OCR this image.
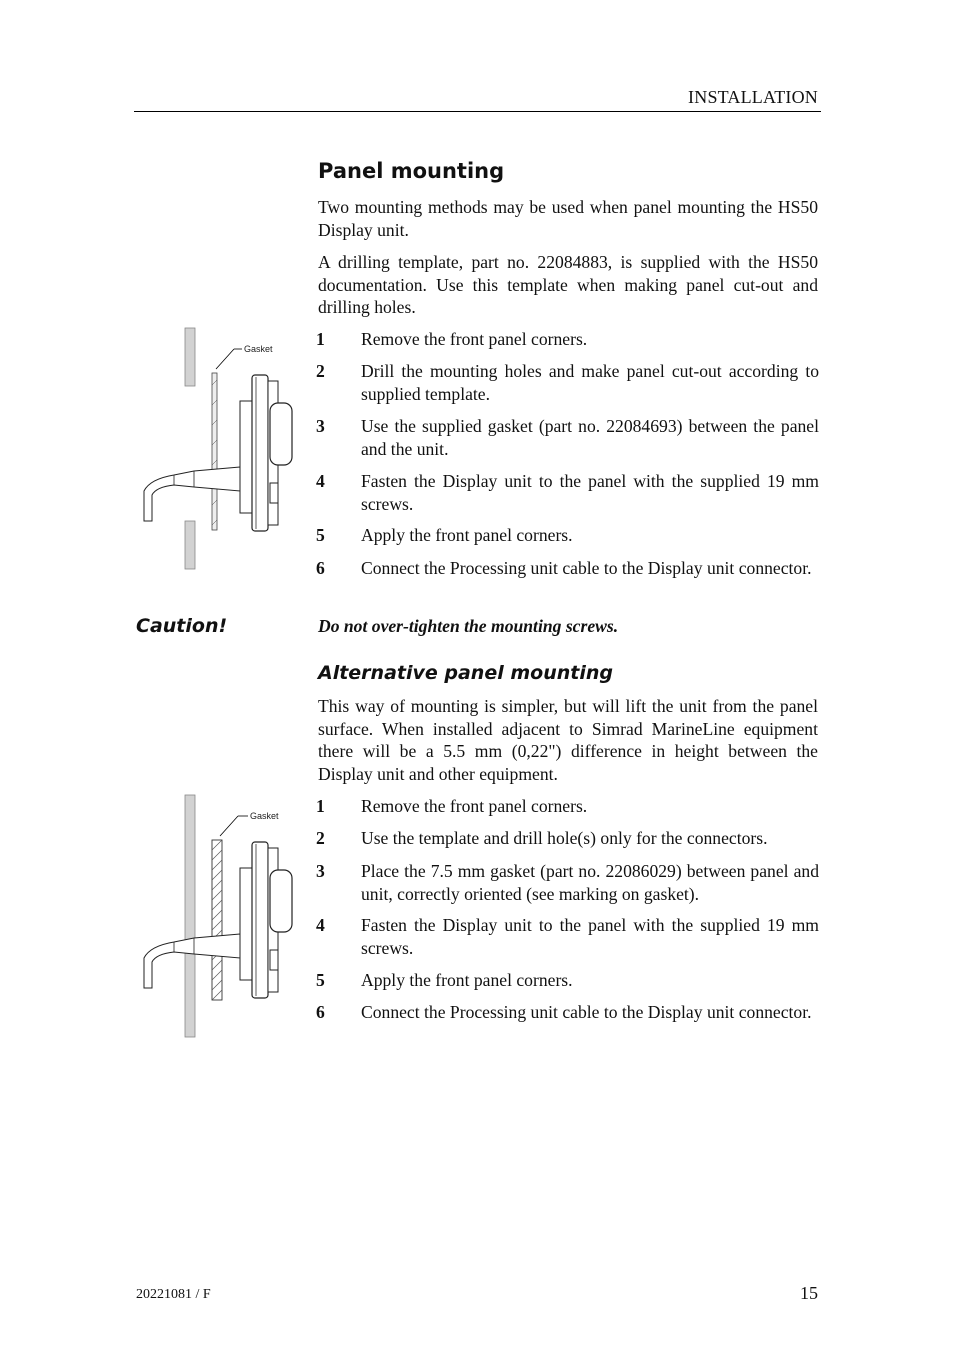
INSTALLATION
Panel mounting

Two mounting methods may be used when panel mounting the HS50 Display unit.

A drilling template, part no. 22084883, is supplied with the HS50 documentation. Use this template when making panel cut-out and drilling holes.

Gasket 1 Remove the front panel corners.
2 Drill the mounting holes and make panel cut-out according to supplied template.
3 Use the supplied gasket (part no. 22084693) between the panel and the unit.
4 Fasten the Display unit to the panel with the supplied 19 mm screws.
5 Apply the front panel corners.
6 Connect the Processing unit cable to the Display unit connector.
Caution!	Do not over-tighten the mounting screws.
Alternative panel mounting

This way of mounting is simpler, but will lift the unit from the panel surface. When installed adjacent to Simrad MarineLine equipment there will be a 5.5 mm (0,22") difference in height between the Display unit and other equipment.

Gasket 1 Remove the front panel corners.
2 Use the template and drill hole(s) only for the connectors.
3 Place the 7.5 mm gasket (part no. 22086029) between panel and unit, correctly oriented (see marking on gasket).
4 Fasten the Display unit to the panel with the supplied 19 mm screws.
5 Apply the front panel corners.
6 Connect the Processing unit cable to the Display unit connector.
20221081 / F	15
